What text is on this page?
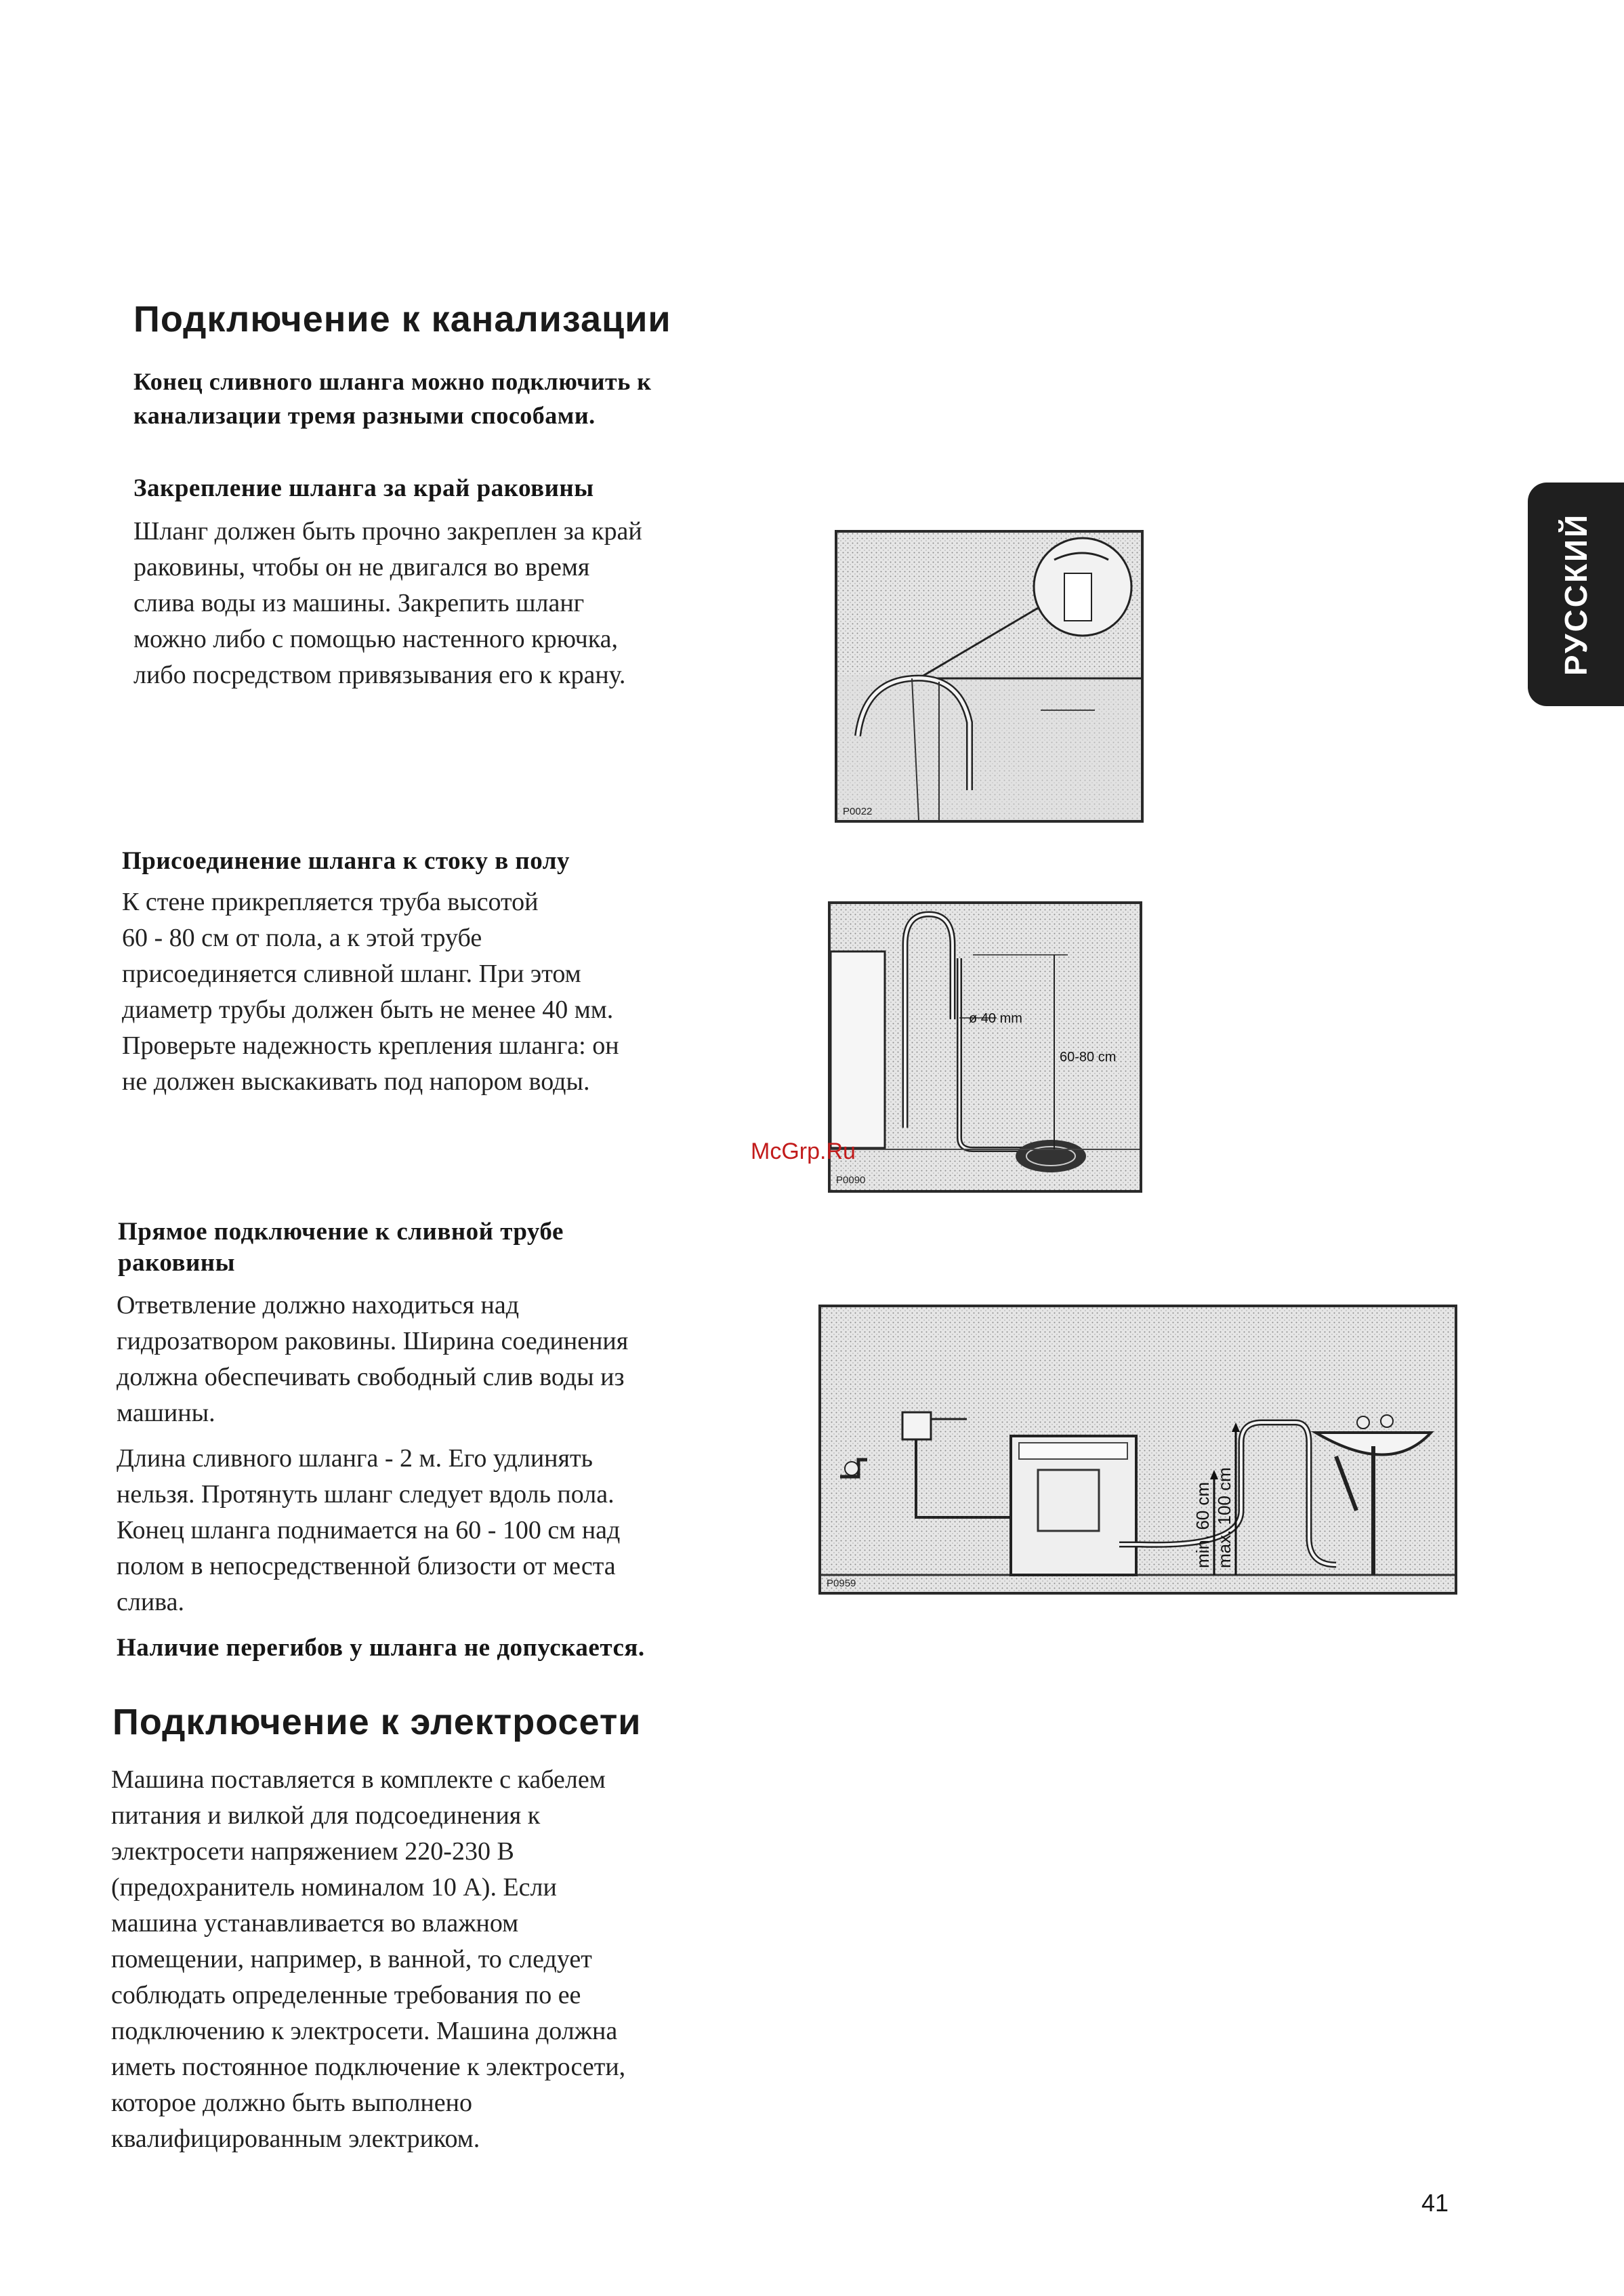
Подключение к канализации
Конец сливного шланга можно подключить к
канализации тремя разными способами.
Закрепление шланга за край раковины
Шланг должен быть прочно закреплен за край
раковины, чтобы он не двигался во время
слива воды из машины. Закрепить шланг
можно либо с помощью настенного крючка,
либо посредством привязывания его к крану.
P0022
Присоединение шланга к стоку в полу
К стене прикрепляется труба высотой
60 - 80 см от пола, а к этой трубе
присоединяется сливной шланг. При этом
диаметр трубы должен быть не менее 40 мм.
Проверьте надежность крепления шланга: он
не должен выскакивать под напором воды.
ø 40 mm
60-80 cm
P0090
Прямое подключение к сливной трубе
раковины

Ответвление должно находиться над
гидрозатвором раковины. Ширина соединения
должна обеспечивать свободный слив воды из
машины.

Длина сливного шланга - 2 м. Его удлинять
нельзя. Протянуть шланг следует вдоль пола.
Конец шланга поднимается на 60 - 100 см над
полом в непосредственной близости от места
слива.

Наличие перегибов у шланга не допускается.
min. 60 cm max. 100 cm
P0959
Подключение к электросети
Машина поставляется в комплекте с кабелем
питания и вилкой для подсоединения к
электросети напряжением 220-230 В
(предохранитель номиналом 10 А). Если
машина устанавливается во влажном
помещении, например, в ванной, то следует
соблюдать определенные требования по ее
подключению к электросети. Машина должна
иметь постоянное подключение к электросети,
которое должно быть выполнено
квалифицированным электриком.
РУССКИЙ
McGrp.Ru
41
